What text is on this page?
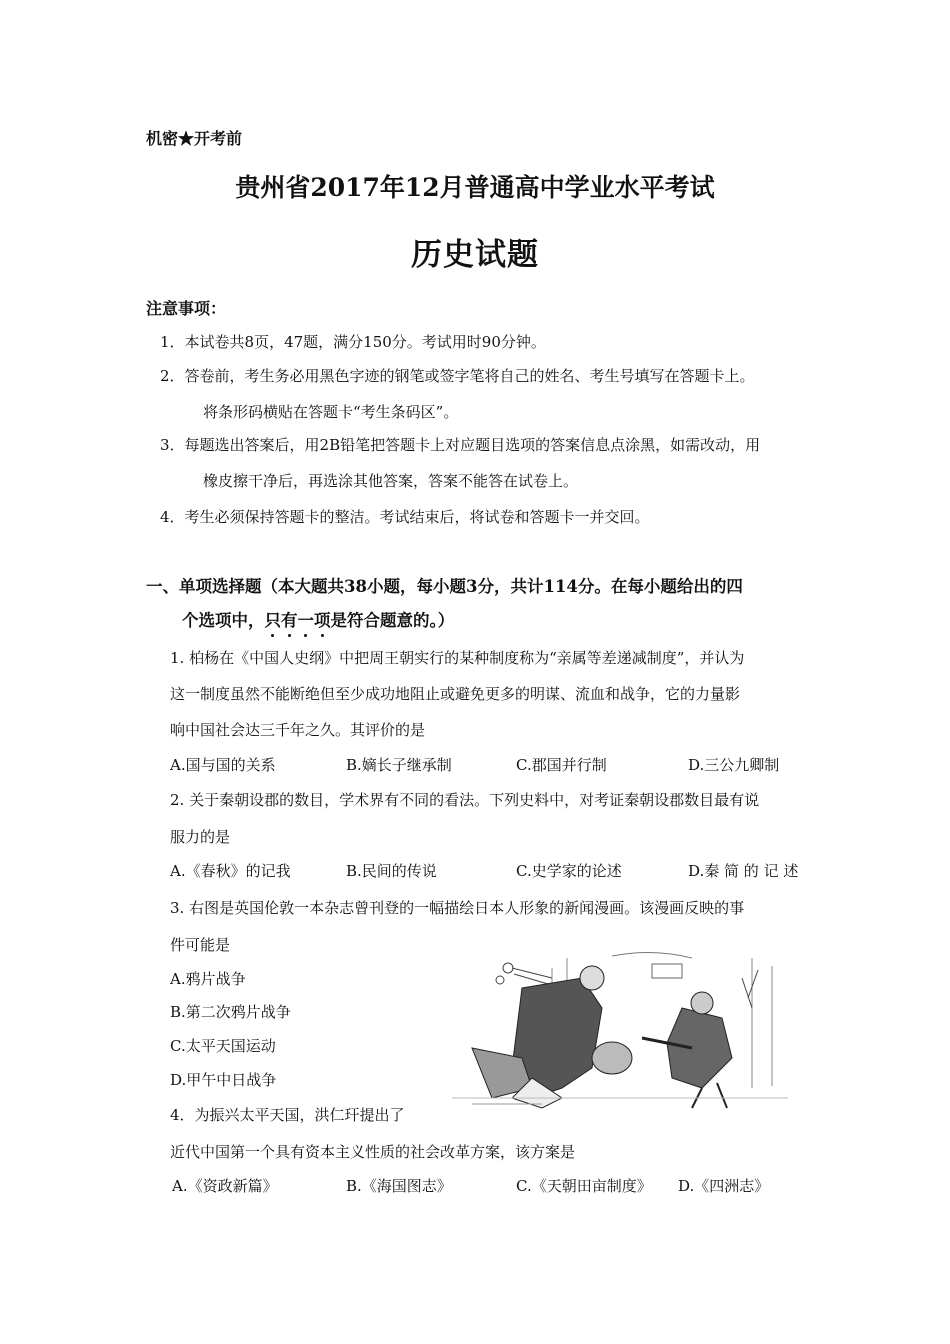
机密★开考前
贵州省2017年12月普通高中学业水平考试
历史试题
注意事项：
1．本试卷共8页，47题，满分150分。考试用时90分钟。
2．答卷前，考生务必用黑色字迹的钢笔或签字笔将自己的姓名、考生号填写在答题卡上。
将条形码横贴在答题卡“考生条码区”。
3．每题选出答案后，用2B铅笔把答题卡上对应题目选项的答案信息点涂黑，如需改动，用
橡皮擦干净后，再选涂其他答案，答案不能答在试卷上。
4．考生必须保持答题卡的整洁。考试结束后，将试卷和答题卡一并交回。
一、单项选择题（本大题共38小题，每小题3分，共计114分。在每小题给出的四
个选项中，只有一项是符合题意的。）
1. 柏杨在《中国人史纲》中把周王朝实行的某种制度称为“亲属等差递减制度”，并认为
这一制度虽然不能断绝但至少成功地阻止或避免更多的明谋、流血和战争，它的力量影
响中国社会达三千年之久。其评价的是
A.国与国的关系	B.嫡长子继承制	C.郡国并行制	D.三公九卿制
2. 关于秦朝设郡的数目，学术界有不同的看法。下列史料中，对考证秦朝设郡数目最有说
服力的是
A.《春秋》的记我	B.民间的传说	C.史学家的论述	D.秦 简 的 记 述
3. 右图是英国伦敦一本杂志曾刊登的一幅描绘日本人形象的新闻漫画。该漫画反映的事
件可能是
A.鸦片战争
B.第二次鸦片战争
C.太平天国运动
D.甲午中日战争
4．为振兴太平天国，洪仁玕提出了
近代中国第一个具有资本主义性质的社会改革方案，该方案是
A.《资政新篇》	B.《海国图志》	C.《天朝田亩制度》 D.《四洲志》
